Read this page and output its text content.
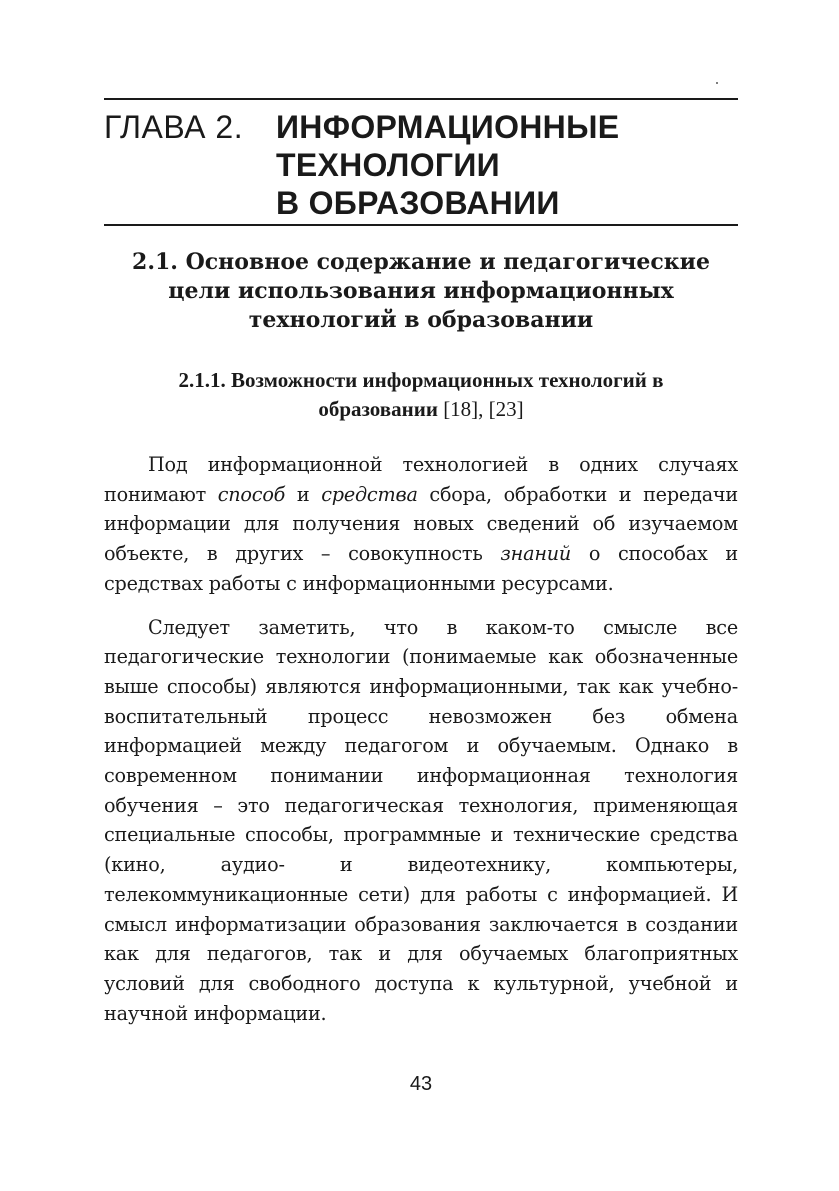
ГЛАВА 2. ИНФОРМАЦИОННЫЕ
ТЕХНОЛОГИИ
В ОБРАЗОВАНИИ
2.1. Основное содержание и педагогические
цели использования информационных
технологий в образовании
2.1.1. Возможности информационных технологий в
образовании [18], [23]

Под информационной технологией в одних случаях понимают способ и средства сбора, обработки и передачи информации для получения новых сведений об изучаемом объекте, в других – совокупность знаний о способах и средствах работы с информационными ресурсами.

Следует заметить, что в каком-то смысле все педагогические технологии (понимаемые как обозначенные выше способы) являются информационными, так как учебно-воспитательный процесс невозможен без обмена информацией между педагогом и обучаемым. Однако в современном понимании информационная технология обучения – это педагогическая технология, применяющая специальные способы, программные и технические средства (кино, аудио- и видеотехнику, компьютеры, телекоммуникационные сети) для работы с информацией. И смысл информатизации образования заключается в создании как для педагогов, так и для обучаемых благоприятных условий для свободного доступа к культурной, учебной и научной информации.

43
